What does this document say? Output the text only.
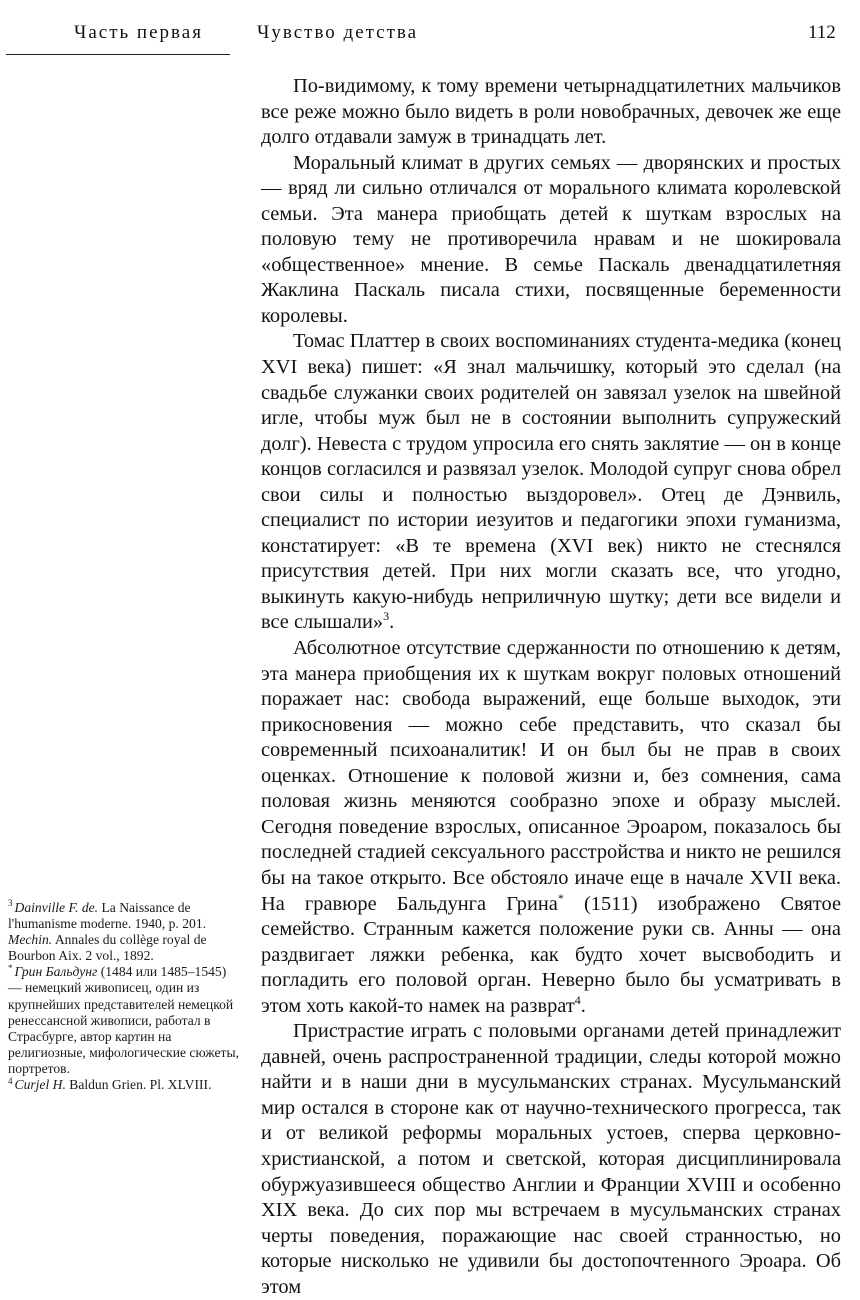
Часть первая	Чувство детства	112

По-видимому, к тому времени четырнадцатилетних мальчиков все реже можно было видеть в роли новобрачных, девочек же еще долго отдавали замуж в тринадцать лет.

Моральный климат в других семьях — дворянских и простых — вряд ли сильно отличался от морального климата королевской семьи. Эта манера приобщать детей к шуткам взрослых на половую тему не противоречила нравам и не шокировала «общественное» мнение. В семье Паскаль двенадцатилетняя Жаклина Паскаль писала стихи, посвященные беременности королевы.

Томас Платтер в своих воспоминаниях студента-медика (конец XVI века) пишет: «Я знал мальчишку, который это сделал (на свадьбе служанки своих родителей он завязал узелок на швейной игле, чтобы муж был не в состоянии выполнить супружеский долг). Невеста с трудом упросила его снять заклятие — он в конце концов согласился и развязал узелок. Молодой супруг снова обрел свои силы и полностью выздоровел». Отец де Дэнвиль, специалист по истории иезуитов и педагогики эпохи гуманизма, констатирует: «В те времена (XVI век) никто не стеснялся присутствия детей. При них могли сказать все, что угодно, выкинуть какую-нибудь неприличную шутку; дети все видели и все слышали»$^3$.

Абсолютное отсутствие сдержанности по отношению к детям, эта манера приобщения их к шуткам вокруг половых отношений поражает нас: свобода выражений, еще больше выходок, эти прикосновения — можно себе представить, что сказал бы современный психоаналитик! И он был бы не прав в своих оценках. Отношение к половой жизни и, без сомнения, сама половая жизнь меняются сообразно эпохе и образу мыслей. Сегодня поведение взрослых, описанное Эроаром, показалось бы последней стадией сексуального расстройства и никто не решился бы на такое открыто. Все обстояло иначе еще в начале XVII века. На гравюре Бальдунга Грина* (1511) изображено Святое семейство. Странным кажется положение руки св. Анны — она раздвигает ляжки ребенка, как будто хочет высвободить и погладить его половой орган. Неверно было бы усматривать в этом хоть какой-то намек на разврат$^4$.

Пристрастие играть с половыми органами детей принадлежит давней, очень распространенной традиции, следы которой можно найти и в наши дни в мусульманских странах. Мусульманский мир остался в стороне как от научно-технического прогресса, так и от великой реформы моральных устоев, сперва церковно-христианской, а потом и светской, которая дисциплинировала обуржуазившееся общество Англии и Франции XVIII и особенно XIX века. До сих пор мы встречаем в мусульманских странах черты поведения, поражающие нас своей странностью, но которые нисколько не удивили бы достопочтенного Эроара. Об этом

$^3$ Dainville F. de. La Naissance de l'humanisme moderne. 1940, p. 201. Mechin. Annales du collège royal de Bourbon Aix. 2 vol., 1892.

* Грин Бальдунг (1484 или 1485–1545) — немецкий живописец, один из крупнейших представителей немецкой ренессансной живописи, работал в Страсбурге, автор картин на религиозные, мифологические сюжеты, портретов.

$^4$ Curjel H. Baldun Grien. Pl. XLVIII.
